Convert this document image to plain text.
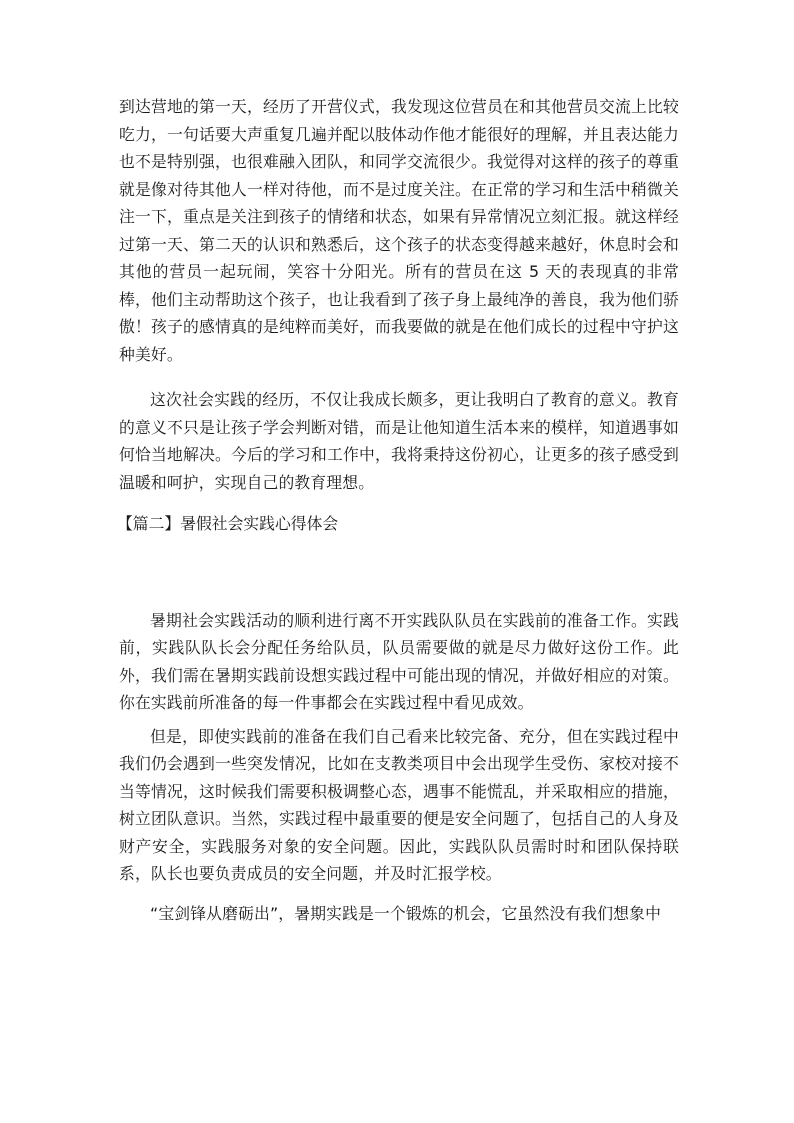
到达营地的第一天，经历了开营仪式，我发现这位营员在和其他营员交流上比较吃力，一句话要大声重复几遍并配以肢体动作他才能很好的理解，并且表达能力也不是特别强，也很难融入团队，和同学交流很少。我觉得对这样的孩子的尊重就是像对待其他人一样对待他，而不是过度关注。在正常的学习和生活中稍微关注一下，重点是关注到孩子的情绪和状态，如果有异常情况立刻汇报。就这样经过第一天、第二天的认识和熟悉后，这个孩子的状态变得越来越好，休息时会和其他的营员一起玩闹，笑容十分阳光。所有的营员在这 5 天的表现真的非常棒，他们主动帮助这个孩子，也让我看到了孩子身上最纯净的善良，我为他们骄傲！孩子的感情真的是纯粹而美好，而我要做的就是在他们成长的过程中守护这种美好。

这次社会实践的经历，不仅让我成长颇多，更让我明白了教育的意义。教育的意义不只是让孩子学会判断对错，而是让他知道生活本来的模样，知道遇事如何恰当地解决。今后的学习和工作中，我将秉持这份初心，让更多的孩子感受到温暖和呵护，实现自己的教育理想。

【篇二】暑假社会实践心得体会

暑期社会实践活动的顺利进行离不开实践队队员在实践前的准备工作。实践前，实践队队长会分配任务给队员，队员需要做的就是尽力做好这份工作。此外，我们需在暑期实践前设想实践过程中可能出现的情况，并做好相应的对策。你在实践前所准备的每一件事都会在实践过程中看见成效。

但是，即使实践前的准备在我们自己看来比较完备、充分，但在实践过程中我们仍会遇到一些突发情况，比如在支教类项目中会出现学生受伤、家校对接不当等情况，这时候我们需要积极调整心态，遇事不能慌乱，并采取相应的措施，树立团队意识。当然，实践过程中最重要的便是安全问题了，包括自己的人身及财产安全，实践服务对象的安全问题。因此，实践队队员需时时和团队保持联系，队长也要负责成员的安全问题，并及时汇报学校。

“宝剑锋从磨砺出”，暑期实践是一个锻炼的机会，它虽然没有我们想象中
